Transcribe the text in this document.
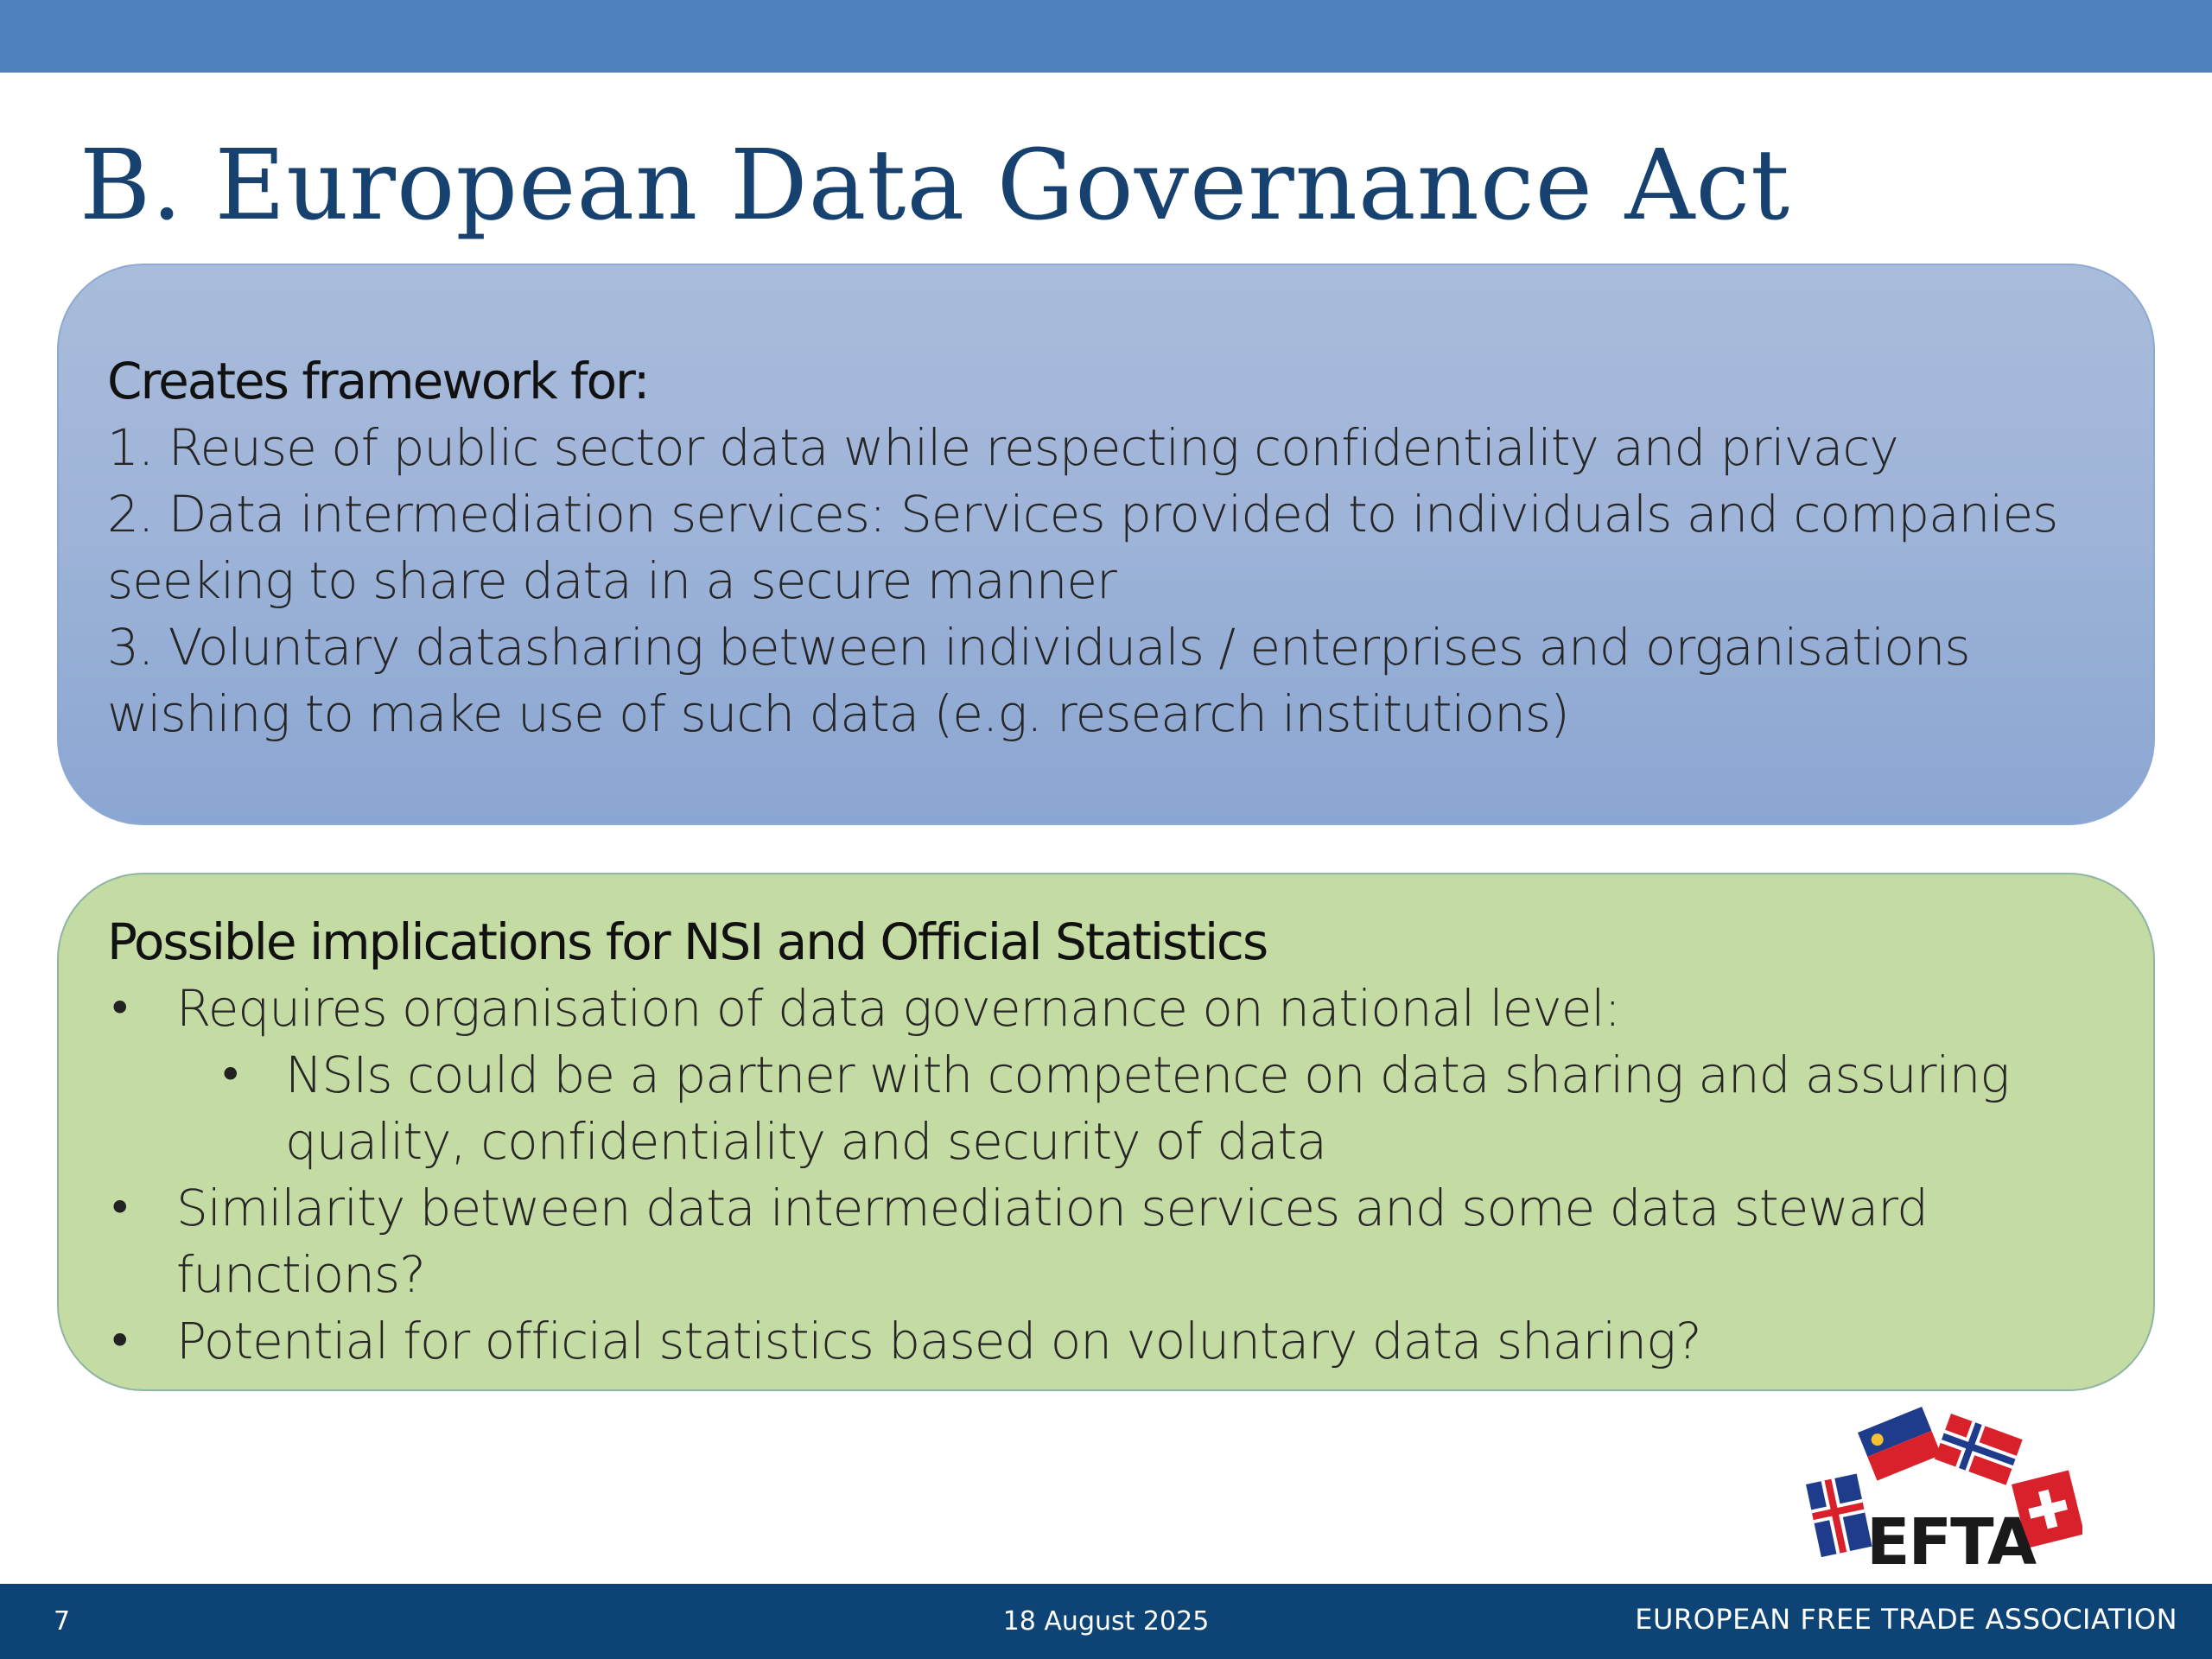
B. European Data Governance Act
Creates framework for:
1. Reuse of public sector data while respecting confidentiality and privacy
2. Data intermediation services: Services provided to individuals and companies
seeking to share data in a secure manner
3. Voluntary datasharing between individuals / enterprises and organisations
wishing to make use of such data (e.g. research institutions)
Possible implications for NSI and Official Statistics
• Requires organisation of data governance on national level:
• NSIs could be a partner with competence on data sharing and assuring
quality, confidentiality and security of data
• Similarity between data intermediation services and some data steward
functions?
• Potential for official statistics based on voluntary data sharing?
EFTA
7	18 August 2025	EUROPEAN FREE TRADE ASSOCIATION
